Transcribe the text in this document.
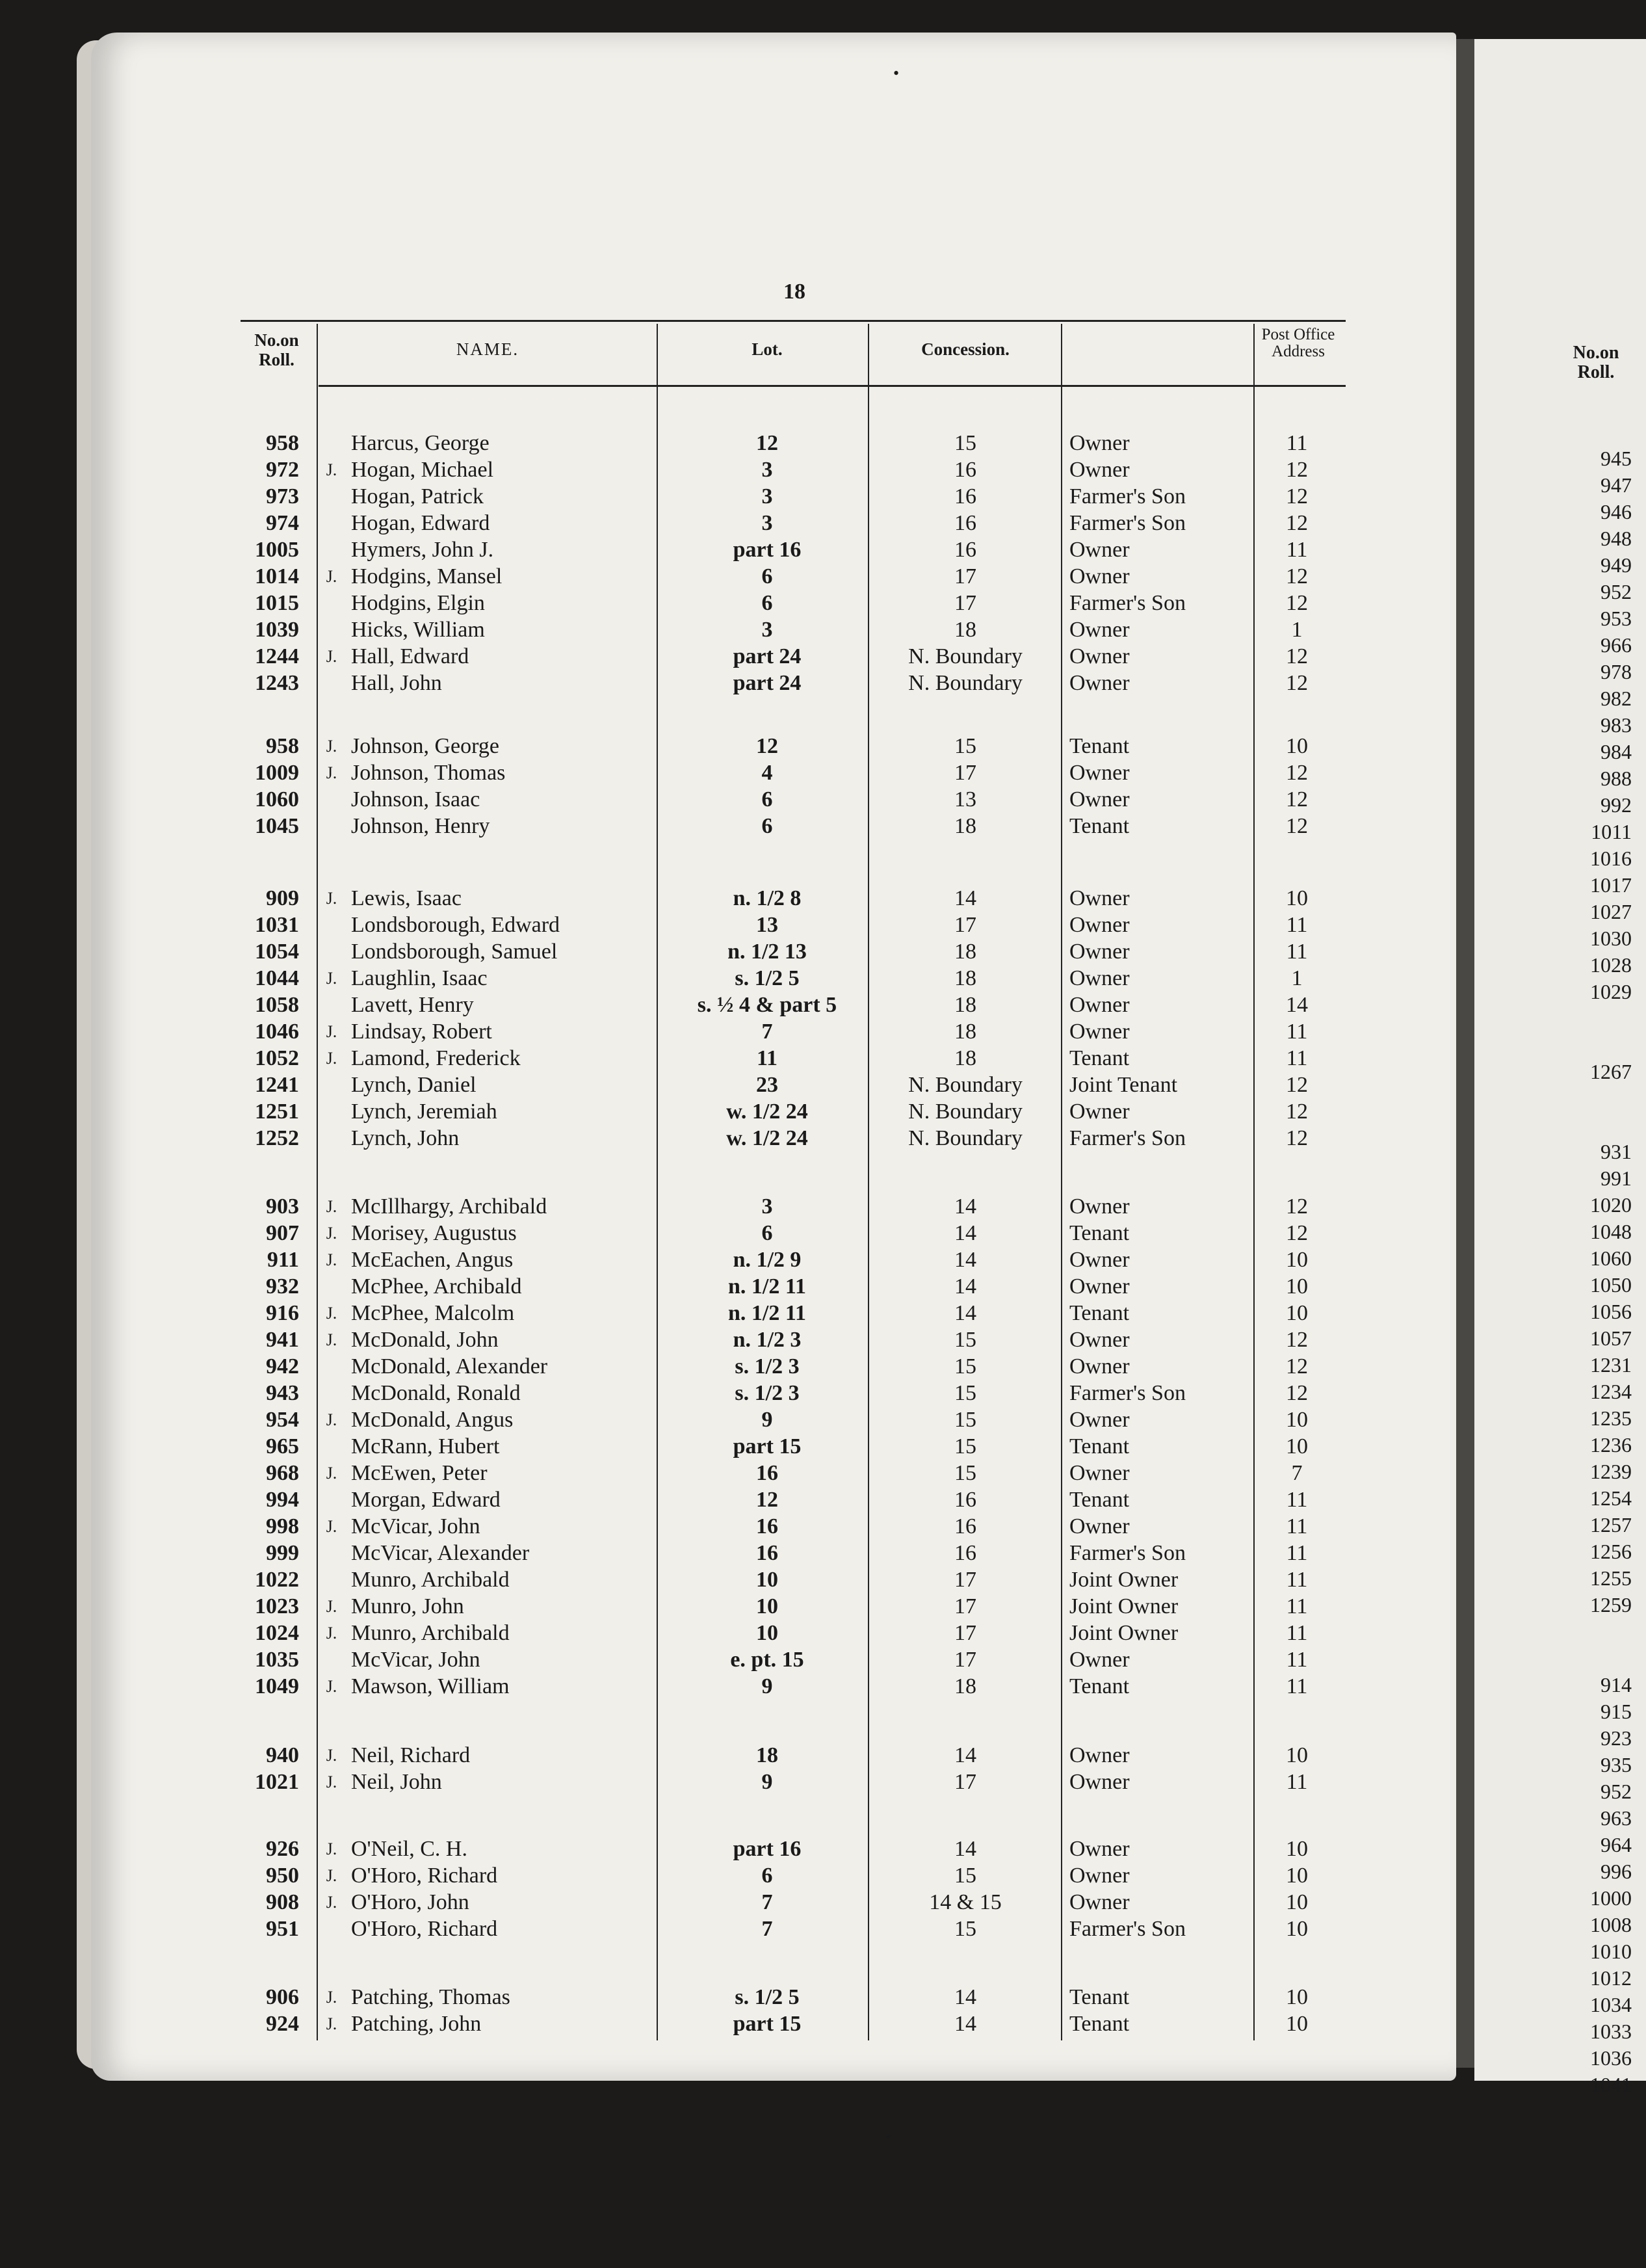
•
•
18
No.on Roll.
NAME.	Lot.	Concession.
Post Office Address
958 Harcus, George	12	15	Owner	11
972 J. Hogan, Michael	3	16	Owner	12
973 Hogan, Patrick	3	16	Farmer's Son	12
974 Hogan, Edward	3	16	Farmer's Son	12
1005 Hymers, John J.	part 16	16	Owner	11
1014 J. Hodgins, Mansel	6	17	Owner	12
1015 Hodgins, Elgin	6	17	Farmer's Son	12
1039 Hicks, William	3	18	Owner	1
1244 J. Hall, Edward	part 24	N. Boundary	Owner	12
1243 Hall, John	part 24	N. Boundary	Owner	12
958 J. Johnson, George	12	15	Tenant	10
1009 J. Johnson, Thomas	4	17	Owner	12
1060 Johnson, Isaac	6	13	Owner	12
1045 Johnson, Henry	6	18	Tenant	12
909 J. Lewis, Isaac	n. 1/2 8	14	Owner	10
1031 Londsborough, Edward	13	17	Owner	11
1054 Londsborough, Samuel	n. 1/2 13	18	Owner	11
1044 J. Laughlin, Isaac	s. 1/2 5	18	Owner	1
1058 Lavett, Henry	s. ½ 4 & part 5	18	Owner	14
1046 J. Lindsay, Robert	7	18	Owner	11
1052 J. Lamond, Frederick	11	18	Tenant	11
1241 Lynch, Daniel	23	N. Boundary	Joint Tenant	12
1251 Lynch, Jeremiah	w. 1/2 24	N. Boundary	Owner	12
1252 Lynch, John	w. 1/2 24	N. Boundary	Farmer's Son	12
903 J. McIllhargy, Archibald	3	14	Owner	12
907 J. Morisey, Augustus	6	14	Tenant	12
911 J. McEachen, Angus	n. 1/2 9	14	Owner	10
932 McPhee, Archibald	n. 1/2 11	14	Owner	10
916 J. McPhee, Malcolm	n. 1/2 11	14	Tenant	10
941 J. McDonald, John	n. 1/2 3	15	Owner	12
942 McDonald, Alexander	s. 1/2 3	15	Owner	12
943 McDonald, Ronald	s. 1/2 3	15	Farmer's Son	12
954 J. McDonald, Angus	9	15	Owner	10
965 McRann, Hubert	part 15	15	Tenant	10
968 J. McEwen, Peter	16	15	Owner	7
994 Morgan, Edward	12	16	Tenant	11
998 J. McVicar, John	16	16	Owner	11
999 McVicar, Alexander	16	16	Farmer's Son	11
1022 Munro, Archibald	10	17	Joint Owner	11
1023 J. Munro, John	10	17	Joint Owner	11
1024 J. Munro, Archibald	10	17	Joint Owner	11
1035 McVicar, John	e. pt. 15	17	Owner	11
1049 J. Mawson, William	9	18	Tenant	11
940 J. Neil, Richard	18	14	Owner	10
1021 J. Neil, John	9	17	Owner	11
926 J. O'Neil, C. H.	part 16	14	Owner	10
950 J. O'Horo, Richard	6	15	Owner	10
908 J. O'Horo, John	7	14 & 15	Owner	10
951 O'Horo, Richard	7	15	Farmer's Son	10
906 J. Patching, Thomas	s. 1/2 5	14	Tenant	10
924 J. Patching, John	part 15	14	Tenant	10
No.on Roll.
945
947
946
948
949
952
953
966
978
982
983
984
988
992
1011
1016
1017
1027
1030
1028
1029
1267
931
991
1020
1048
1060
1050
1056
1057
1231
1234
1235
1236
1239
1254
1257
1256
1255
1259
914
915
923
935
952
963
964
996
1000
1008
1010
1012
1034
1033
1036
1041
